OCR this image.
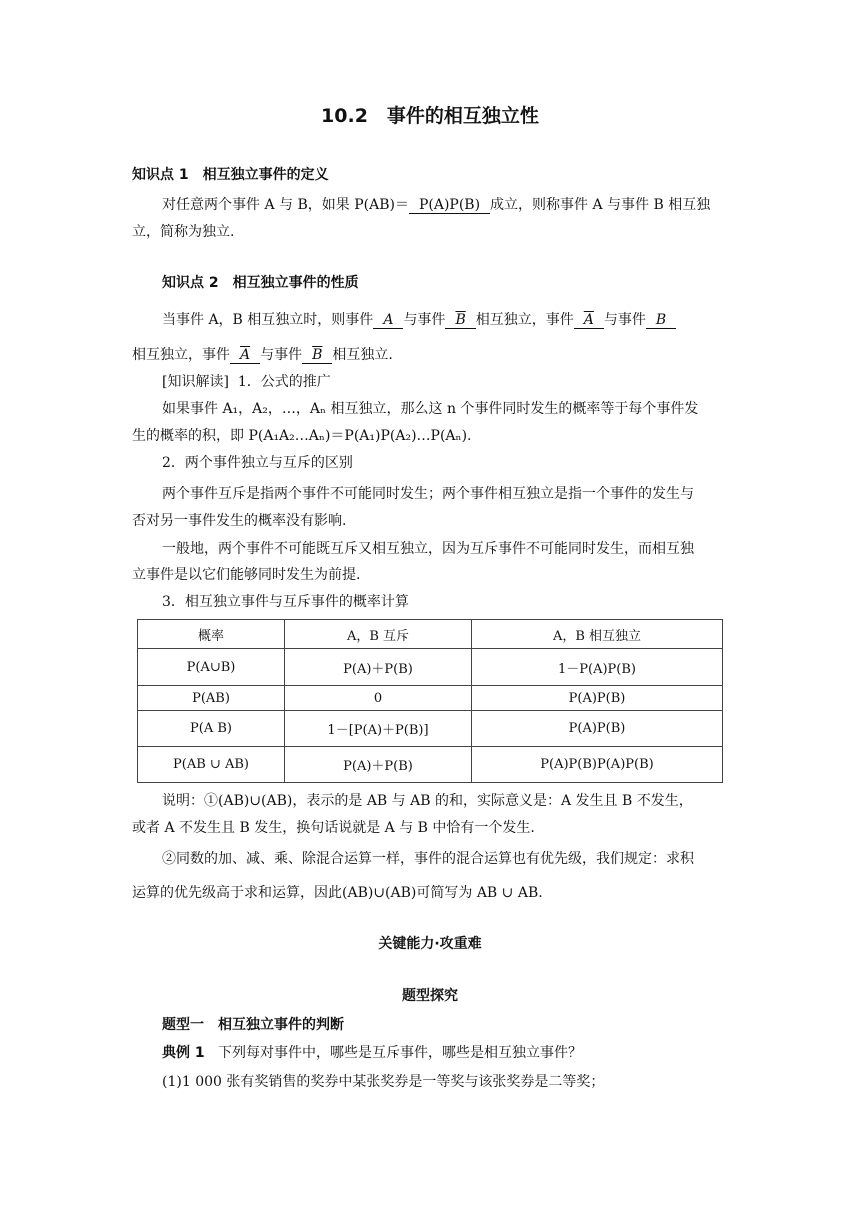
10.2　事件的相互独立性
知识点 1　相互独立事件的定义
对任意两个事件 A 与 B，如果 P(AB)＝ P(A)P(B) 成立，则称事件 A 与事件 B 相互独
立，简称为独立.
知识点 2　相互独立事件的性质
当事件 A，B 相互独立时，则事件 A 与事件 $\overline{B}$ 相互独立，事件 $\overline{A}$ 与事件 B
相互独立，事件 $\overline{A}$ 与事件 $\overline{B}$ 相互独立.
[知识解读] 1．公式的推广
如果事件 A₁，A₂，…，Aₙ 相互独立，那么这 n 个事件同时发生的概率等于每个事件发
生的概率的积，即 P(A₁A₂…Aₙ)＝P(A₁)P(A₂)…P(Aₙ).
2．两个事件独立与互斥的区别
两个事件互斥是指两个事件不可能同时发生；两个事件相互独立是指一个事件的发生与
否对另一事件发生的概率没有影响.
一般地，两个事件不可能既互斥又相互独立，因为互斥事件不可能同时发生，而相互独
立事件是以它们能够同时发生为前提.
3．相互独立事件与互斥事件的概率计算
概率	A，B 互斥	A，B 相互独立
P(A∪B)	P(A)＋P(B)	1－P(A)P(B)
P(AB)	0	P(A)P(B)
P(A B)	1－[P(A)＋P(B)]	P(A)P(B)
P(AB ∪ AB)	P(A)＋P(B)	P(A)P(B)P(A)P(B)
说明：①(AB)∪(AB)，表示的是 AB 与 AB 的和，实际意义是：A 发生且 B 不发生，
或者 A 不发生且 B 发生，换句话说就是 A 与 B 中恰有一个发生.
②同数的加、减、乘、除混合运算一样，事件的混合运算也有优先级，我们规定：求积
运算的优先级高于求和运算，因此(AB)∪(AB)可简写为 AB ∪ AB.
关键能力·攻重难
题型探究
题型一　相互独立事件的判断
典例 1 下列每对事件中，哪些是互斥事件，哪些是相互独立事件？
(1)1 000 张有奖销售的奖券中某张奖券是一等奖与该张奖券是二等奖；
